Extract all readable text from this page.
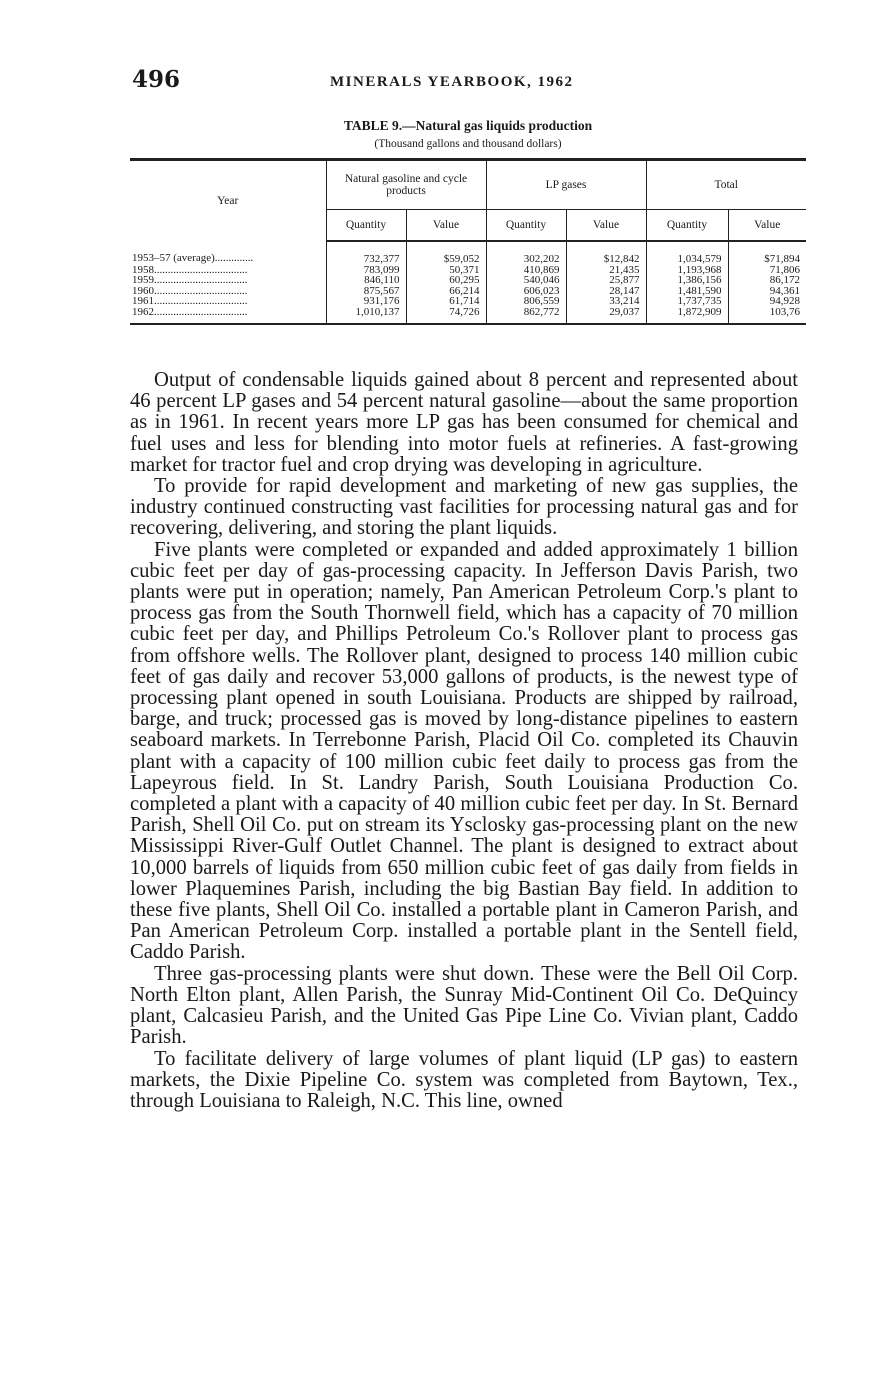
496	MINERALS YEARBOOK, 1962
TABLE 9.—Natural gas liquids production
(Thousand gallons and thousand dollars)
Year	Natural gasoline and cycle products		LP gases		Total	
	Quantity	Value	Quantity	Value	Quantity	Value
1953–57 (average)..............	732,377	$59,052	302,202	$12,842	1,034,579	$71,894
1958..................................	783,099	50,371	410,869	21,435	1,193,968	71,806
1959..................................	846,110	60,295	540,046	25,877	1,386,156	86,172
1960..................................	875,567	66,214	606,023	28,147	1,481,590	94,361
1961..................................	931,176	61,714	806,559	33,214	1,737,735	94,928
1962..................................	1,010,137	74,726	862,772	29,037	1,872,909	103,76

Output of condensable liquids gained about 8 percent and represented about 46 percent LP gases and 54 percent natural gasoline—about the same proportion as in 1961. In recent years more LP gas has been consumed for chemical and fuel uses and less for blending into motor fuels at refineries. A fast-growing market for tractor fuel and crop drying was developing in agriculture.

To provide for rapid development and marketing of new gas supplies, the industry continued constructing vast facilities for processing natural gas and for recovering, delivering, and storing the plant liquids.

Five plants were completed or expanded and added approximately 1 billion cubic feet per day of gas-processing capacity. In Jefferson Davis Parish, two plants were put in operation; namely, Pan American Petroleum Corp.'s plant to process gas from the South Thornwell field, which has a capacity of 70 million cubic feet per day, and Phillips Petroleum Co.'s Rollover plant to process gas from offshore wells. The Rollover plant, designed to process 140 million cubic feet of gas daily and recover 53,000 gallons of products, is the newest type of processing plant opened in south Louisiana. Products are shipped by railroad, barge, and truck; processed gas is moved by long-distance pipelines to eastern seaboard markets. In Terrebonne Parish, Placid Oil Co. completed its Chauvin plant with a capacity of 100 million cubic feet daily to process gas from the Lapeyrous field. In St. Landry Parish, South Louisiana Production Co. completed a plant with a capacity of 40 million cubic feet per day. In St. Bernard Parish, Shell Oil Co. put on stream its Ysclosky gas-processing plant on the new Mississippi River-Gulf Outlet Channel. The plant is designed to extract about 10,000 barrels of liquids from 650 million cubic feet of gas daily from fields in lower Plaquemines Parish, including the big Bastian Bay field. In addition to these five plants, Shell Oil Co. installed a portable plant in Cameron Parish, and Pan American Petroleum Corp. installed a portable plant in the Sentell field, Caddo Parish.

Three gas-processing plants were shut down. These were the Bell Oil Corp. North Elton plant, Allen Parish, the Sunray Mid-Continent Oil Co. DeQuincy plant, Calcasieu Parish, and the United Gas Pipe Line Co. Vivian plant, Caddo Parish.

To facilitate delivery of large volumes of plant liquid (LP gas) to eastern markets, the Dixie Pipeline Co. system was completed from Baytown, Tex., through Louisiana to Raleigh, N.C. This line, owned
